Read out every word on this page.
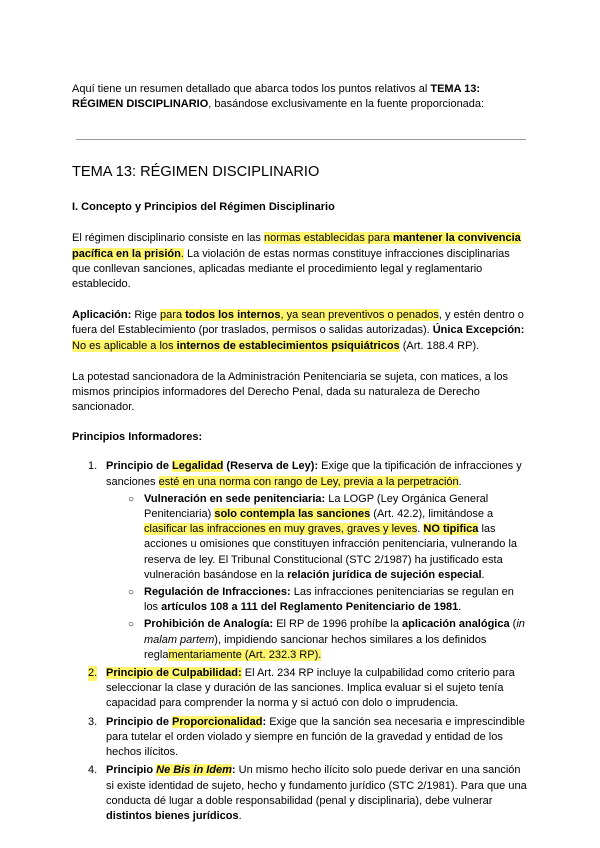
Aquí tiene un resumen detallado que abarca todos los puntos relativos al TEMA 13: RÉGIMEN DISCIPLINARIO, basándose exclusivamente en la fuente proporcionada:

TEMA 13: RÉGIMEN DISCIPLINARIO
I. Concepto y Principios del Régimen Disciplinario

El régimen disciplinario consiste en las normas establecidas para mantener la convivencia pacífica en la prisión. La violación de estas normas constituye infracciones disciplinarias que conllevan sanciones, aplicadas mediante el procedimiento legal y reglamentario establecido.

Aplicación: Rige para todos los internos, ya sean preventivos o penados, y estén dentro o fuera del Establecimiento (por traslados, permisos o salidas autorizadas). Única Excepción: No es aplicable a los internos de establecimientos psiquiátricos (Art. 188.4 RP).

La potestad sancionadora de la Administración Penitenciaria se sujeta, con matices, a los mismos principios informadores del Derecho Penal, dada su naturaleza de Derecho sancionador.

Principios Informadores:
1. Principio de Legalidad (Reserva de Ley): Exige que la tipificación de infracciones y sanciones esté en una norma con rango de Ley, previa a la perpetración.
○ Vulneración en sede penitenciaria: La LOGP (Ley Orgánica General Penitenciaria) solo contempla las sanciones (Art. 42.2), limitándose a clasificar las infracciones en muy graves, graves y leves. NO tipifica las acciones u omisiones que constituyen infracción penitenciaria, vulnerando la reserva de ley. El Tribunal Constitucional (STC 2/1987) ha justificado esta vulneración basándose en la relación jurídica de sujeción especial.
○ Regulación de Infracciones: Las infracciones penitenciarias se regulan en los artículos 108 a 111 del Reglamento Penitenciario de 1981.
○ Prohibición de Analogía: El RP de 1996 prohíbe la aplicación analógica (in malam partem), impidiendo sancionar hechos similares a los definidos reglamentariamente (Art. 232.3 RP).
2. Principio de Culpabilidad: El Art. 234 RP incluye la culpabilidad como criterio para seleccionar la clase y duración de las sanciones. Implica evaluar si el sujeto tenía capacidad para comprender la norma y si actuó con dolo o imprudencia.
3. Principio de Proporcionalidad: Exige que la sanción sea necesaria e imprescindible para tutelar el orden violado y siempre en función de la gravedad y entidad de los hechos ilícitos.
4. Principio Ne Bis in Idem: Un mismo hecho ilícito solo puede derivar en una sanción si existe identidad de sujeto, hecho y fundamento jurídico (STC 2/1981). Para que una conducta dé lugar a doble responsabilidad (penal y disciplinaria), debe vulnerar distintos bienes jurídicos.
